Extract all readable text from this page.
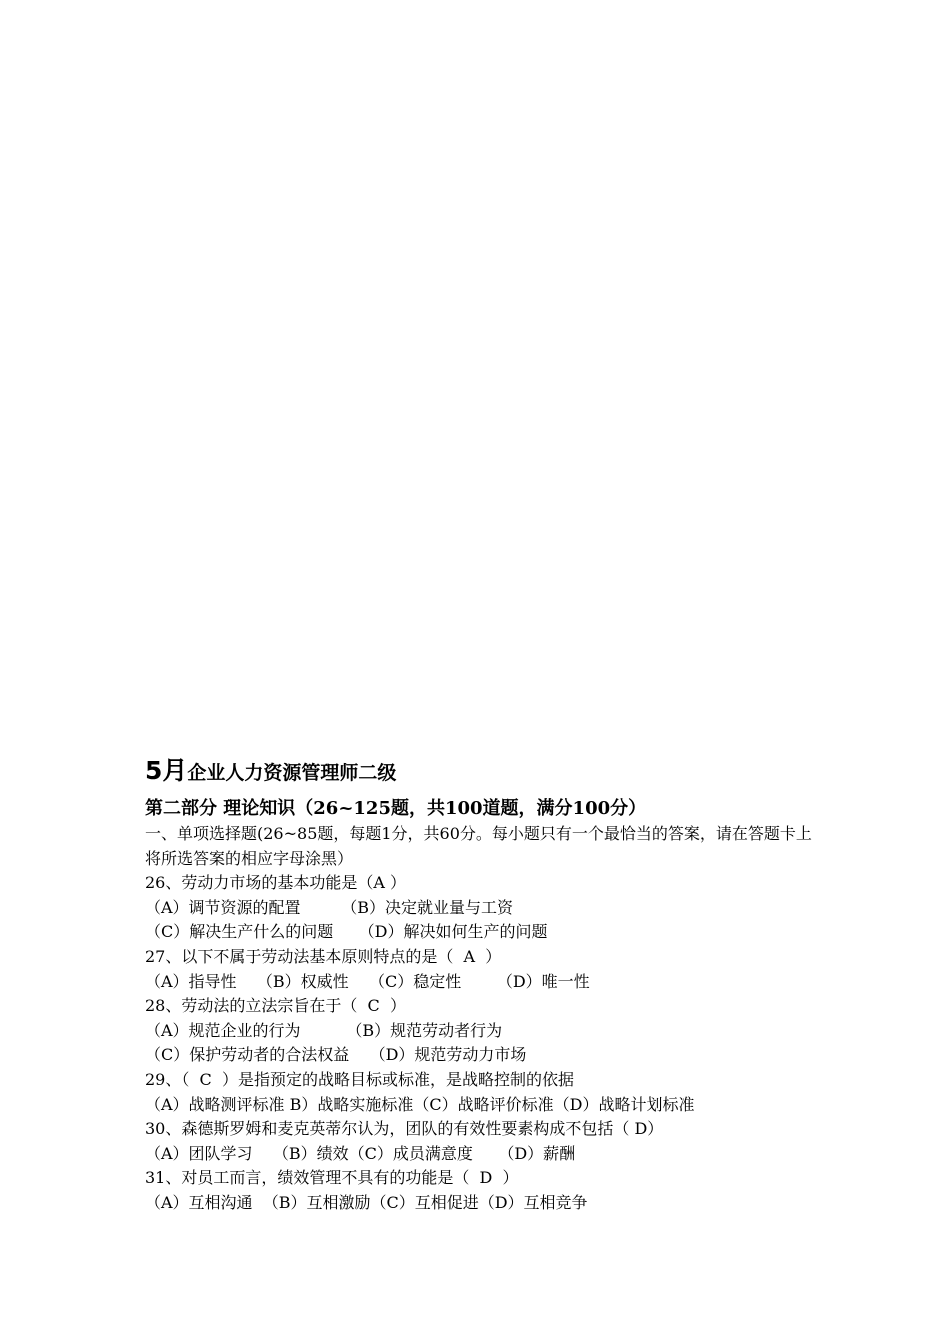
5月企业人力资源管理师二级
第二部分 理论知识（26~125题，共100道题，满分100分）
一、单项选择题(26~85题，每题1分，共60分。每小题只有一个最恰当的答案，请在答题卡上将所选答案的相应字母涂黑）
26、劳动力市场的基本功能是（A ）
（A）调节资源的配置        （B）决定就业量与工资
（C）解决生产什么的问题     （D）解决如何生产的问题
27、以下不属于劳动法基本原则特点的是（  A  ）
（A）指导性    （B）权威性    （C）稳定性       （D）唯一性
28、劳动法的立法宗旨在于（  C  ）
（A）规范企业的行为         （B）规范劳动者行为
（C）保护劳动者的合法权益    （D）规范劳动力市场
29、（  C  ）是指预定的战略目标或标准，是战略控制的依据
（A）战略测评标准 B）战略实施标准（C）战略评价标准（D）战略计划标准
30、森德斯罗姆和麦克英蒂尔认为，团队的有效性要素构成不包括（ D）
（A）团队学习    （B）绩效（C）成员满意度     （D）薪酬
31、对员工而言，绩效管理不具有的功能是（  D  ）
（A）互相沟通  （B）互相激励（C）互相促进（D）互相竞争
